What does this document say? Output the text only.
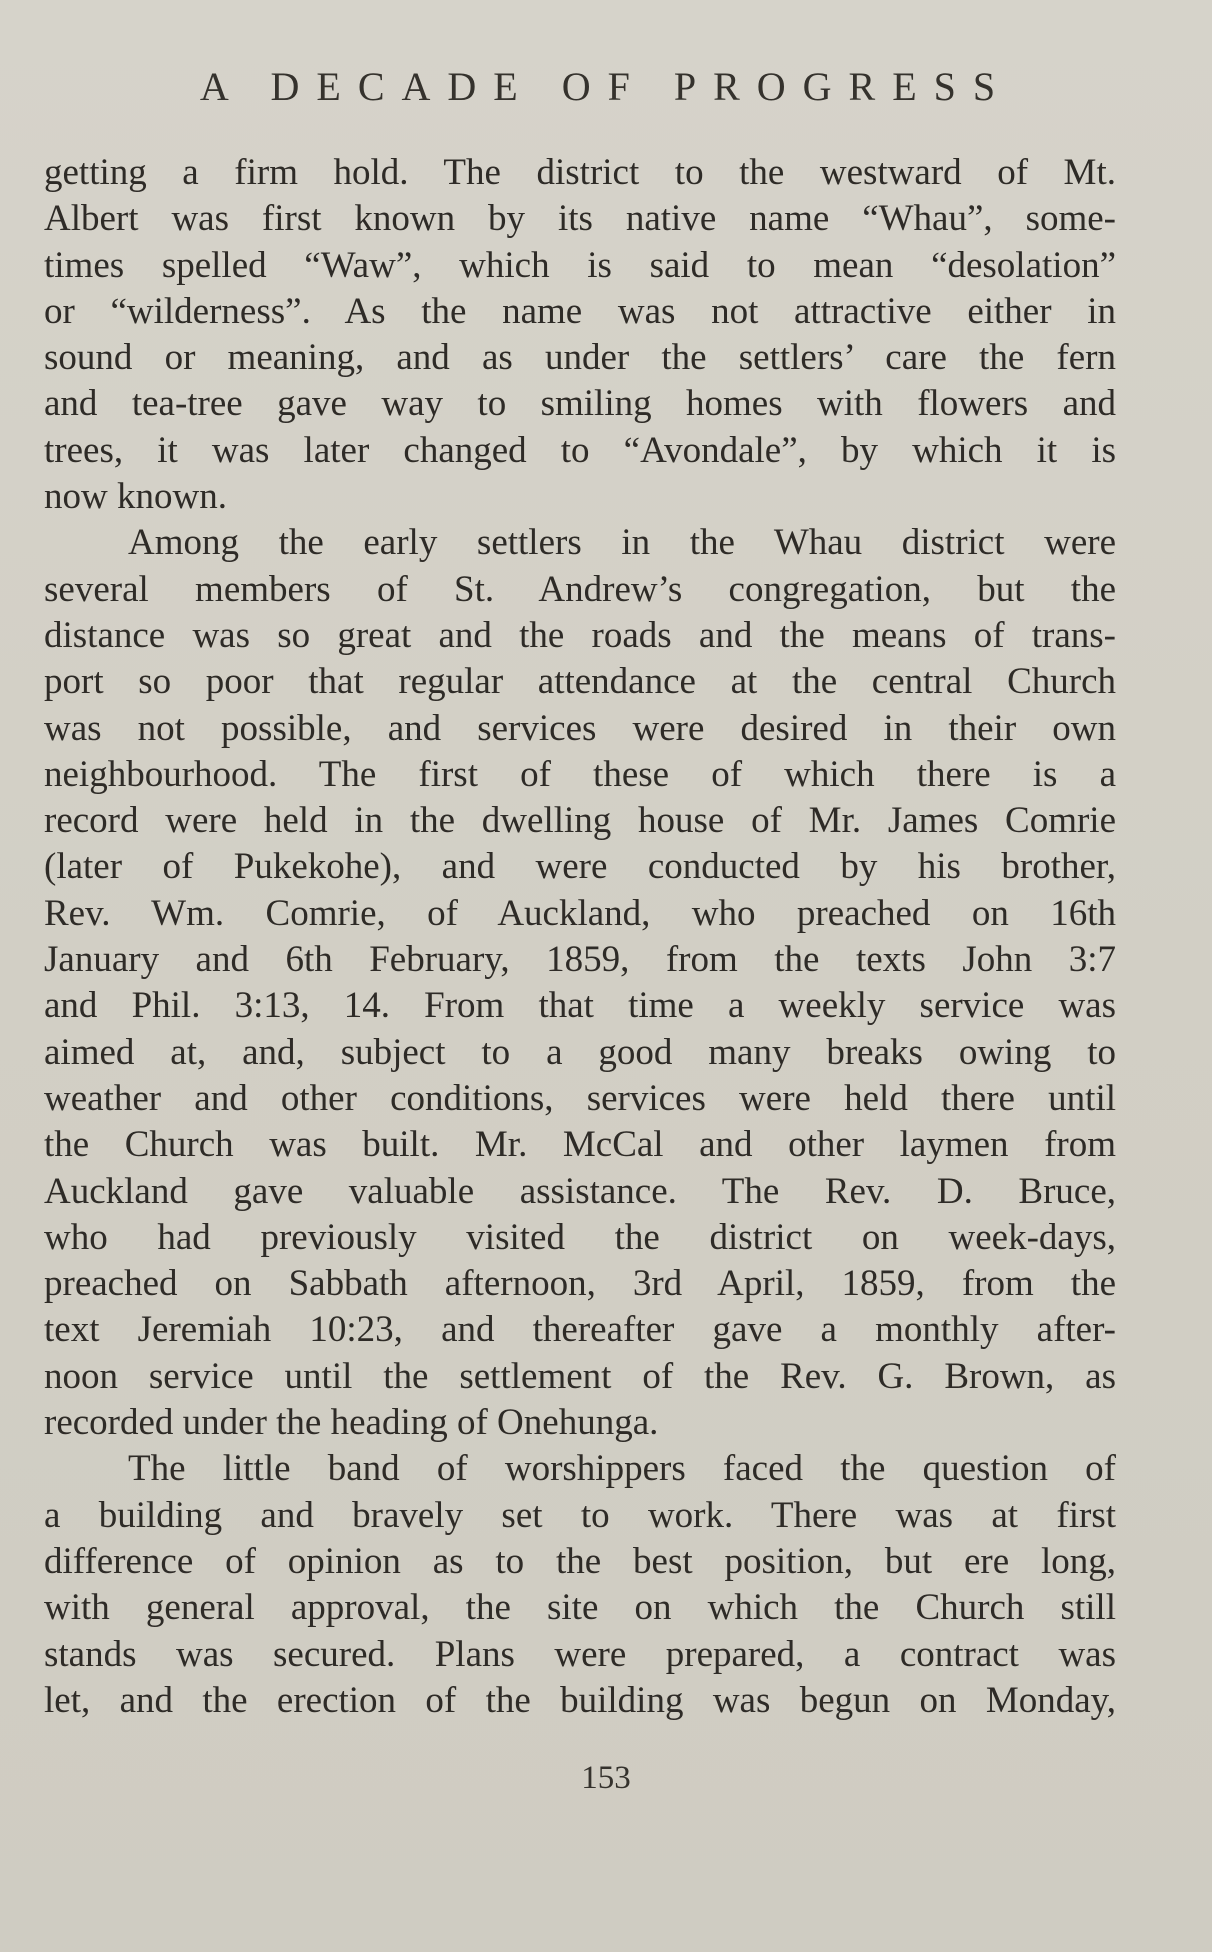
A DECADE OF PROGRESS
getting a firm hold. The district to the westward of Mt.
Albert was first known by its native name “Whau”, some-
times spelled “Waw”, which is said to mean “desolation”
or “wilderness”. As the name was not attractive either in
sound or meaning, and as under the settlers’ care the fern
and tea-tree gave way to smiling homes with flowers and
trees, it was later changed to “Avondale”, by which it is
now known.
Among the early settlers in the Whau district were
several members of St. Andrew’s congregation, but the
distance was so great and the roads and the means of trans-
port so poor that regular attendance at the central Church
was not possible, and services were desired in their own
neighbourhood. The first of these of which there is a
record were held in the dwelling house of Mr. James Comrie
(later of Pukekohe), and were conducted by his brother,
Rev. Wm. Comrie, of Auckland, who preached on 16th
January and 6th February, 1859, from the texts John 3:7
and Phil. 3:13, 14. From that time a weekly service was
aimed at, and, subject to a good many breaks owing to
weather and other conditions, services were held there until
the Church was built. Mr. McCal and other laymen from
Auckland gave valuable assistance. The Rev. D. Bruce,
who had previously visited the district on week-days,
preached on Sabbath afternoon, 3rd April, 1859, from the
text Jeremiah 10:23, and thereafter gave a monthly after-
noon service until the settlement of the Rev. G. Brown, as
recorded under the heading of Onehunga.
The little band of worshippers faced the question of
a building and bravely set to work. There was at first
difference of opinion as to the best position, but ere long,
with general approval, the site on which the Church still
stands was secured. Plans were prepared, a contract was
let, and the erection of the building was begun on Monday,
153
